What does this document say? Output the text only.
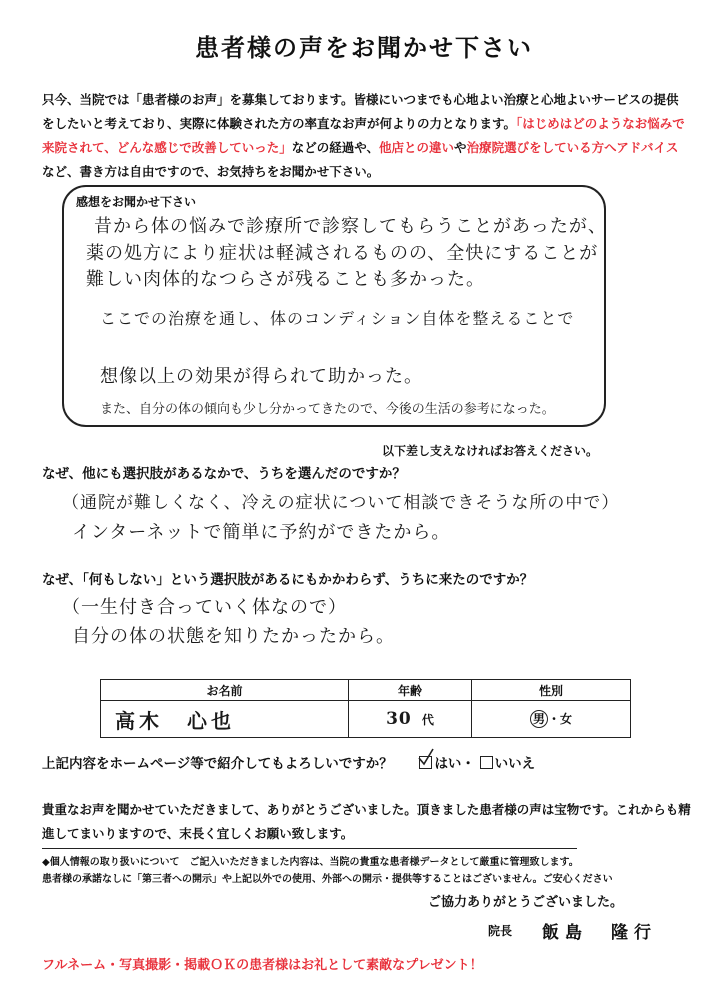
患者様の声をお聞かせ下さい
只今、当院では「患者様のお声」を募集しております。皆様にいつまでも心地よい治療と心地よいサービスの提供をしたいと考えており、実際に体験された方の率直なお声が何よりの力となります。「はじめはどのようなお悩みで来院されて、どんな感じで改善していった」などの経過や、他店との違いや治療院選びをしている方へアドバイスなど、書き方は自由ですので、お気持ちをお聞かせ下さい。
感想をお聞かせ下さい
昔から体の悩みで診療所で診察してもらうことがあったが、
薬の処方により症状は軽減されるものの、全快にすることが
難しい肉体的なつらさが残ることも多かった。
ここでの治療を通し、体のコンディション自体を整えることで
想像以上の効果が得られて助かった。
また、自分の体の傾向も少し分かってきたので、今後の生活の参考になった。
以下差し支えなければお答えください。
なぜ、他にも選択肢があるなかで、うちを選んだのですか？
（通院が難しくなく、冷えの症状について相談できそうな所の中で）
インターネットで簡単に予約ができたから。
なぜ、「何もしない」という選択肢があるにもかかわらず、うちに来たのですか？
（一生付き合っていく体なので）
自分の体の状態を知りたかったから。
お名前	年齢	性別
高木　心也	30 代	男 ・女
上記内容をホームページ等で紹介してもよろしいですか？	はい・ いいえ
貴重なお声を聞かせていただきまして、ありがとうございました。頂きました患者様の声は宝物です。これからも精進してまいりますので、末長く宜しくお願い致します。
◆個人情報の取り扱いについて　ご記入いただきました内容は、当院の貴重な患者様データとして厳重に管理致します。
患者様の承諾なしに「第三者への開示」や上記以外での使用、外部への開示・提供等することはございません。ご安心ください
ご協力ありがとうございました。
院長 飯島　隆行
フルネーム・写真撮影・掲載ＯＫの患者様はお礼として素敵なプレゼント！
